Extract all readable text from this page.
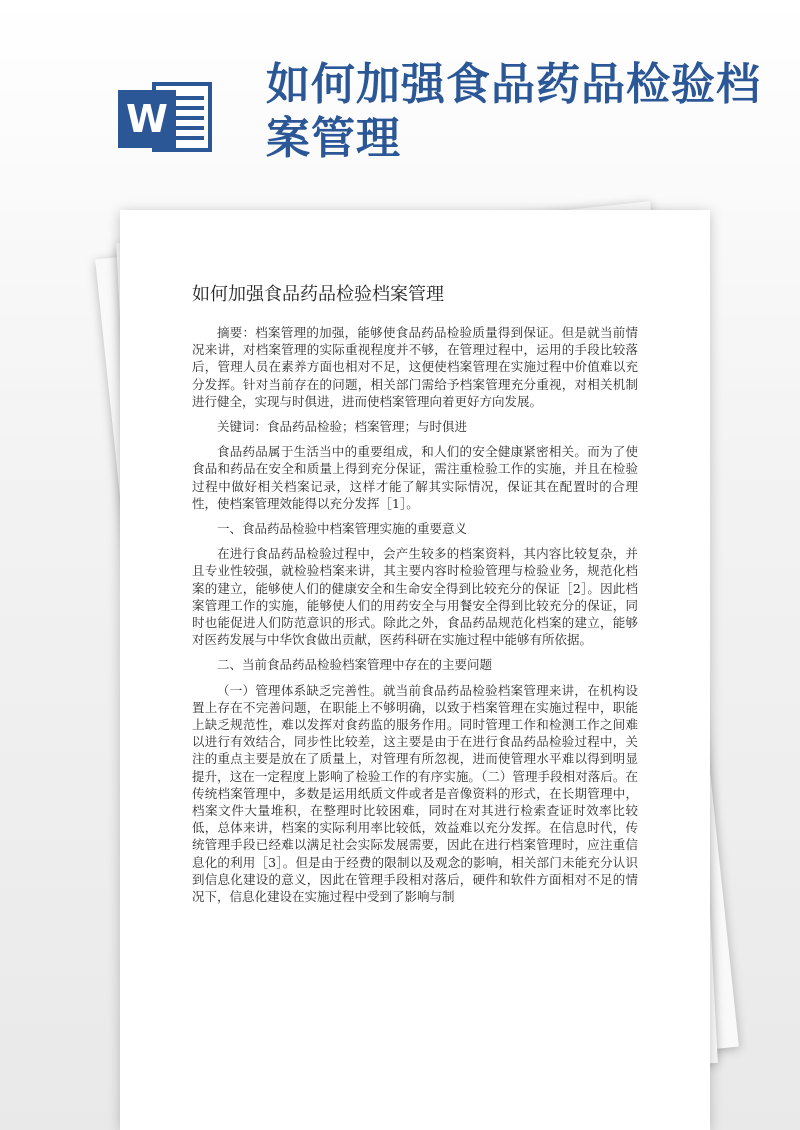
W
如何加强食品药品检验档案管理
如何加强食品药品检验档案管理

摘要：档案管理的加强，能够使食品药品检验质量得到保证。但是就当前情况来讲，对档案管理的实际重视程度并不够，在管理过程中，运用的手段比较落后，管理人员在素养方面也相对不足，这便使档案管理在实施过程中价值难以充分发挥。针对当前存在的问题，相关部门需给予档案管理充分重视，对相关机制进行健全，实现与时俱进，进而使档案管理向着更好方向发展。

关键词：食品药品检验；档案管理；与时俱进

食品药品属于生活当中的重要组成，和人们的安全健康紧密相关。而为了使食品和药品在安全和质量上得到充分保证，需注重检验工作的实施，并且在检验过程中做好相关档案记录，这样才能了解其实际情况，保证其在配置时的合理性，使档案管理效能得以充分发挥［1］。

一、食品药品检验中档案管理实施的重要意义

在进行食品药品检验过程中，会产生较多的档案资料，其内容比较复杂，并且专业性较强，就检验档案来讲，其主要内容时检验管理与检验业务，规范化档案的建立，能够使人们的健康安全和生命安全得到比较充分的保证［2］。因此档案管理工作的实施，能够使人们的用药安全与用餐安全得到比较充分的保证，同时也能促进人们防范意识的形式。除此之外，食品药品规范化档案的建立，能够对医药发展与中华饮食做出贡献，医药科研在实施过程中能够有所依据。

二、当前食品药品检验档案管理中存在的主要问题

（一）管理体系缺乏完善性。就当前食品药品检验档案管理来讲，在机构设置上存在不完善问题，在职能上不够明确，以致于档案管理在实施过程中，职能上缺乏规范性，难以发挥对食药监的服务作用。同时管理工作和检测工作之间难以进行有效结合，同步性比较差，这主要是由于在进行食品药品检验过程中，关注的重点主要是放在了质量上，对管理有所忽视，进而使管理水平难以得到明显提升，这在一定程度上影响了检验工作的有序实施。（二）管理手段相对落后。在传统档案管理中，多数是运用纸质文件或者是音像资料的形式，在长期管理中，档案文件大量堆积，在整理时比较困难，同时在对其进行检索查证时效率比较低，总体来讲，档案的实际利用率比较低，效益难以充分发挥。在信息时代，传统管理手段已经难以满足社会实际发展需要，因此在进行档案管理时，应注重信息化的利用［3］。但是由于经费的限制以及观念的影响，相关部门未能充分认识到信息化建设的意义，因此在管理手段相对落后，硬件和软件方面相对不足的情况下，信息化建设在实施过程中受到了影响与制
